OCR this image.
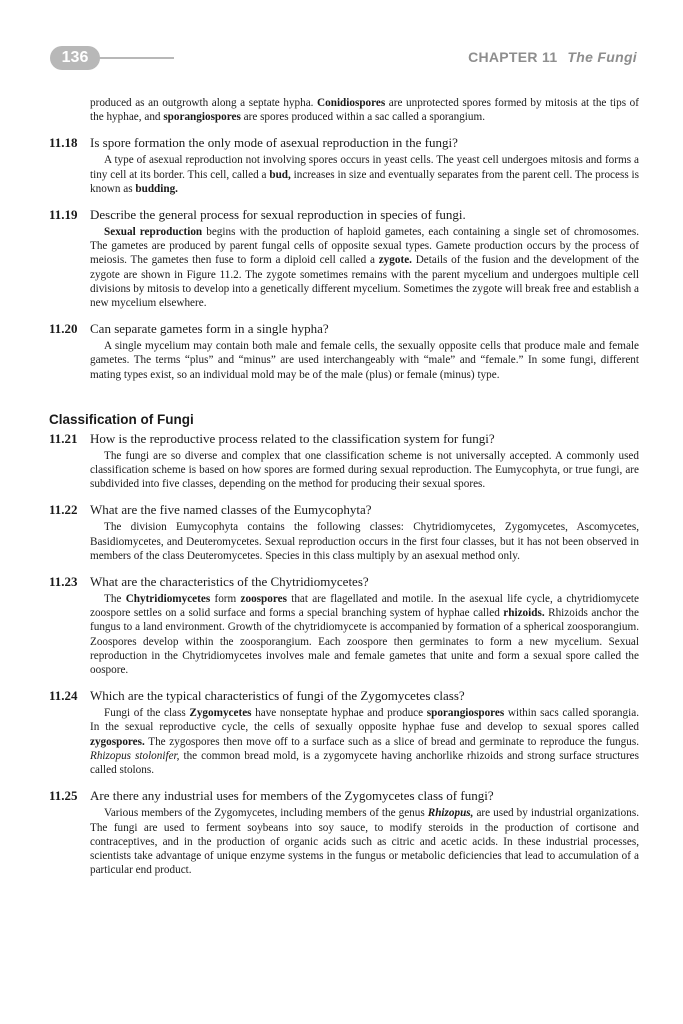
136	CHAPTER 11 The Fungi

produced as an outgrowth along a septate hypha. Conidiospores are unprotected spores formed by mitosis at the tips of the hyphae, and sporangiospores are spores produced within a sac called a sporangium.

11.18 Is spore formation the only mode of asexual reproduction in the fungi?

A type of asexual reproduction not involving spores occurs in yeast cells. The yeast cell undergoes mitosis and forms a tiny cell at its border. This cell, called a bud, increases in size and eventually separates from the parent cell. The process is known as budding.

11.19 Describe the general process for sexual reproduction in species of fungi.

Sexual reproduction begins with the production of haploid gametes, each containing a single set of chromosomes. The gametes are produced by parent fungal cells of opposite sexual types. Gamete production occurs by the process of meiosis. The gametes then fuse to form a diploid cell called a zygote. Details of the fusion and the development of the zygote are shown in Figure 11.2. The zygote sometimes remains with the parent mycelium and undergoes multiple cell divisions by mitosis to develop into a genetically different mycelium. Sometimes the zygote will break free and establish a new mycelium elsewhere.

11.20 Can separate gametes form in a single hypha?

A single mycelium may contain both male and female cells, the sexually opposite cells that produce male and female gametes. The terms “plus” and “minus” are used interchangeably with “male” and “female.” In some fungi, different mating types exist, so an individual mold may be of the male (plus) or female (minus) type.

Classification of Fungi
11.21 How is the reproductive process related to the classification system for fungi?

The fungi are so diverse and complex that one classification scheme is not universally accepted. A commonly used classification scheme is based on how spores are formed during sexual reproduction. The Eumycophyta, or true fungi, are subdivided into five classes, depending on the method for producing their sexual spores.

11.22 What are the five named classes of the Eumycophyta?

The division Eumycophyta contains the following classes: Chytridiomycetes, Zygomycetes, Ascomycetes, Basidiomycetes, and Deuteromycetes. Sexual reproduction occurs in the first four classes, but it has not been observed in members of the class Deuteromycetes. Species in this class multiply by an asexual method only.

11.23 What are the characteristics of the Chytridiomycetes?

The Chytridiomycetes form zoospores that are flagellated and motile. In the asexual life cycle, a chytridiomycete zoospore settles on a solid surface and forms a special branching system of hyphae called rhizoids. Rhizoids anchor the fungus to a land environment. Growth of the chytridiomycete is accompanied by formation of a spherical zoosporangium. Zoospores develop within the zoosporangium. Each zoospore then germinates to form a new mycelium. Sexual reproduction in the Chytridiomycetes involves male and female gametes that unite and form a sexual spore called the oospore.

11.24 Which are the typical characteristics of fungi of the Zygomycetes class?

Fungi of the class Zygomycetes have nonseptate hyphae and produce sporangiospores within sacs called sporangia. In the sexual reproductive cycle, the cells of sexually opposite hyphae fuse and develop to sexual spores called zygospores. The zygospores then move off to a surface such as a slice of bread and germinate to reproduce the fungus. Rhizopus stolonifer, the common bread mold, is a zygomycete having anchorlike rhizoids and strong surface structures called stolons.

11.25 Are there any industrial uses for members of the Zygomycetes class of fungi?

Various members of the Zygomycetes, including members of the genus Rhizopus, are used by industrial organizations. The fungi are used to ferment soybeans into soy sauce, to modify steroids in the production of cortisone and contraceptives, and in the production of organic acids such as citric and acetic acids. In these industrial processes, scientists take advantage of unique enzyme systems in the fungus or metabolic deficiencies that lead to accumulation of a particular end product.
